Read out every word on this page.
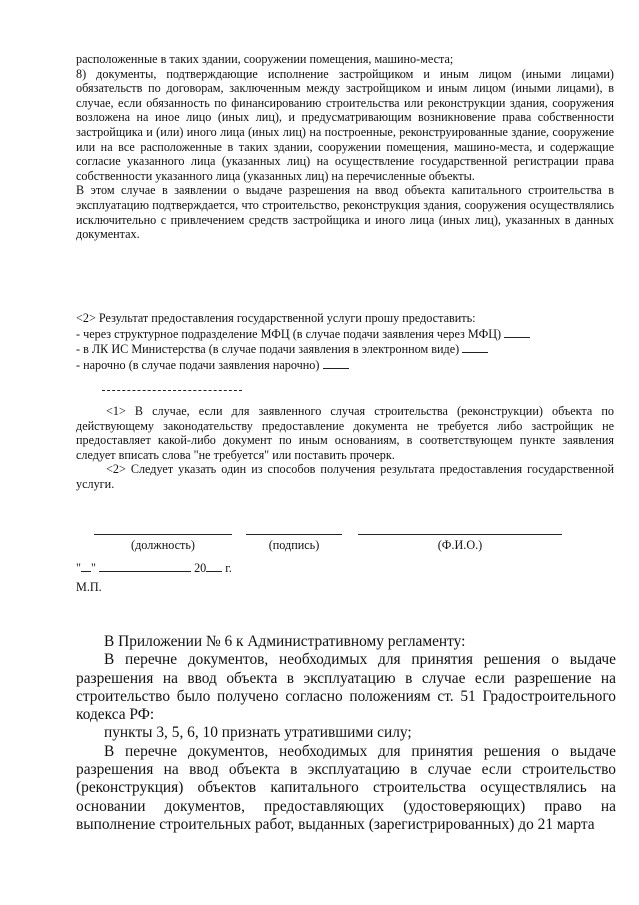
расположенные в таких здании, сооружении помещения, машино-места;

8) документы, подтверждающие исполнение застройщиком и иным лицом (иными лицами) обязательств по договорам, заключенным между застройщиком и иным лицом (иными лицами), в случае, если обязанность по финансированию строительства или реконструкции здания, сооружения возложена на иное лицо (иных лиц), и предусматривающим возникновение права собственности застройщика и (или) иного лица (иных лиц) на построенные, реконструированные здание, сооружение или на все расположенные в таких здании, сооружении помещения, машино-места, и содержащие согласие указанного лица (указанных лиц) на осуществление государственной регистрации права собственности указанного лица (указанных лиц) на перечисленные объекты.

В этом случае в заявлении о выдаче разрешения на ввод объекта капитального строительства в эксплуатацию подтверждается, что строительство, реконструкция здания, сооружения осуществлялись исключительно с привлечением средств застройщика и иного лица (иных лиц), указанных в данных документах.

<2> Результат предоставления государственной услуги прошу предоставить:

- через структурное подразделение МФЦ (в случае подачи заявления через МФЦ)

- в ЛК ИС Министерства (в случае подачи заявления в электронном виде)

- нарочно (в случае подачи заявления нарочно)

<1> В случае, если для заявленного случая строительства (реконструкции) объекта по действующему законодательству предоставление документа не требуется либо застройщик не предоставляет какой-либо документ по иным основаниям, в соответствующем пункте заявления следует вписать слова "не требуется" или поставить прочерк.

<2> Следует указать один из способов получения результата предоставления государственной услуги.

(должность)	(подпись)	(Ф.И.О.)
" "	20 г.
М.П.

В Приложении № 6 к Административному регламенту:

В перечне документов, необходимых для принятия решения о выдаче разрешения на ввод объекта в эксплуатацию в случае если разрешение на строительство было получено согласно положениям ст. 51 Градостроительного кодекса РФ:

пункты 3, 5, 6, 10 признать утратившими силу;

В перечне документов, необходимых для принятия решения о выдаче разрешения на ввод объекта в эксплуатацию в случае если строительство (реконструкция) объектов капитального строительства осуществлялись на основании документов, предоставляющих (удостоверяющих) право на выполнение строительных работ, выданных (зарегистрированных) до 21 марта
